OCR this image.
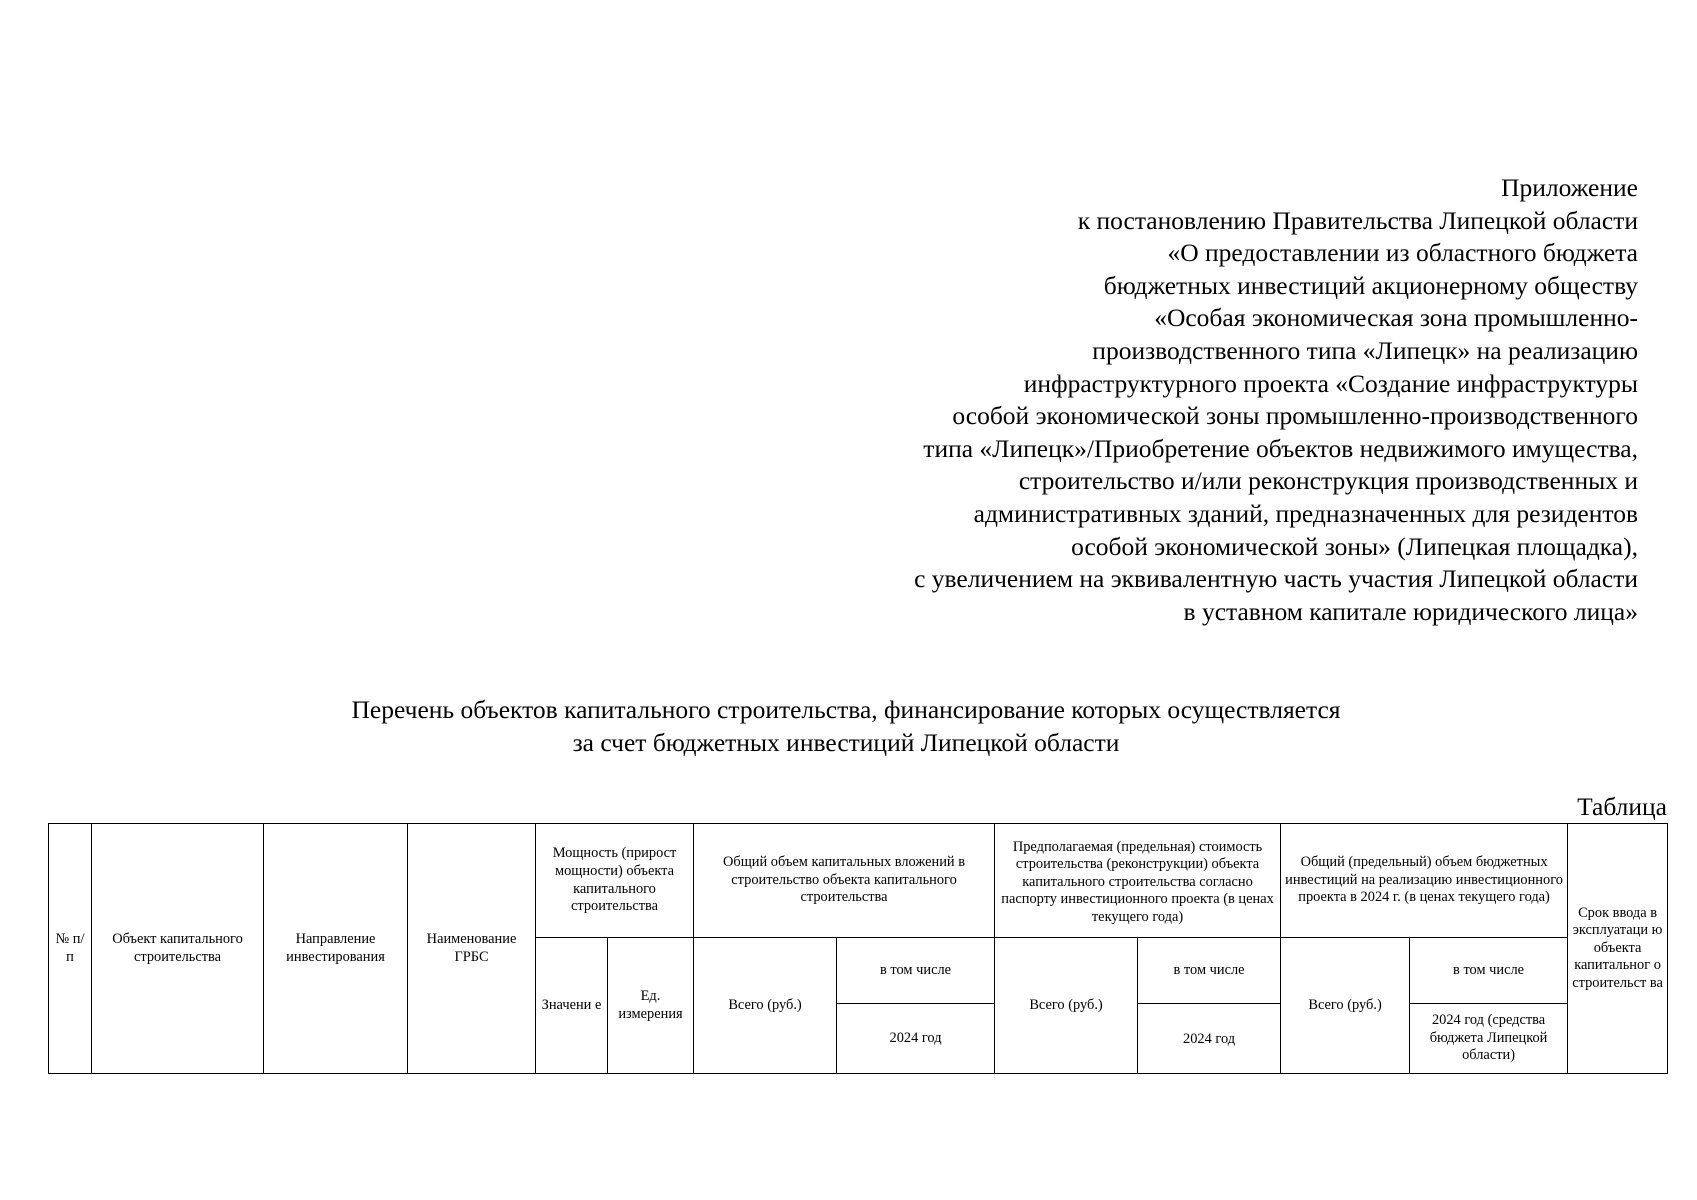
Приложение
к постановлению Правительства Липецкой области
«О предоставлении из областного бюджета
бюджетных инвестиций акционерному обществу
«Особая экономическая зона промышленно-
производственного типа «Липецк» на реализацию
инфраструктурного проекта «Создание инфраструктуры
особой экономической зоны промышленно-производственного
типа «Липецк»/Приобретение объектов недвижимого имущества,
строительство и/или реконструкция производственных и
административных зданий, предназначенных для резидентов
особой экономической зоны» (Липецкая площадка),
с увеличением на эквивалентную часть участия Липецкой области
в уставном капитале юридического лица»
Перечень объектов капитального строительства, финансирование которых осуществляется
за счет бюджетных инвестиций Липецкой области
Таблица
№ п/п	Объект капитального строительства	Направление инвестирования	Наименование ГРБС	Мощность (прирост мощности) объекта капитального строительства		Общий объем капитальных вложений в строительство объекта капитального строительства		Предполагаемая (предельная) стоимость строительства (реконструкции) объекта капитального строительства согласно паспорту инвестиционного проекта (в ценах текущего года)		Общий (предельный) объем бюджетных инвестиций на реализацию инвестиционного проекта в 2024 г. (в ценах текущего года)		Срок ввода в эксплуатаци ю объекта капитальног о строительст ва
				Значени е	Ед. измерения	Всего (руб.)	в том числе	Всего (руб.)	в том числе	Всего (руб.)	в том числе	
							2024 год		2024 год		2024 год (средства бюджета Липецкой области)	
